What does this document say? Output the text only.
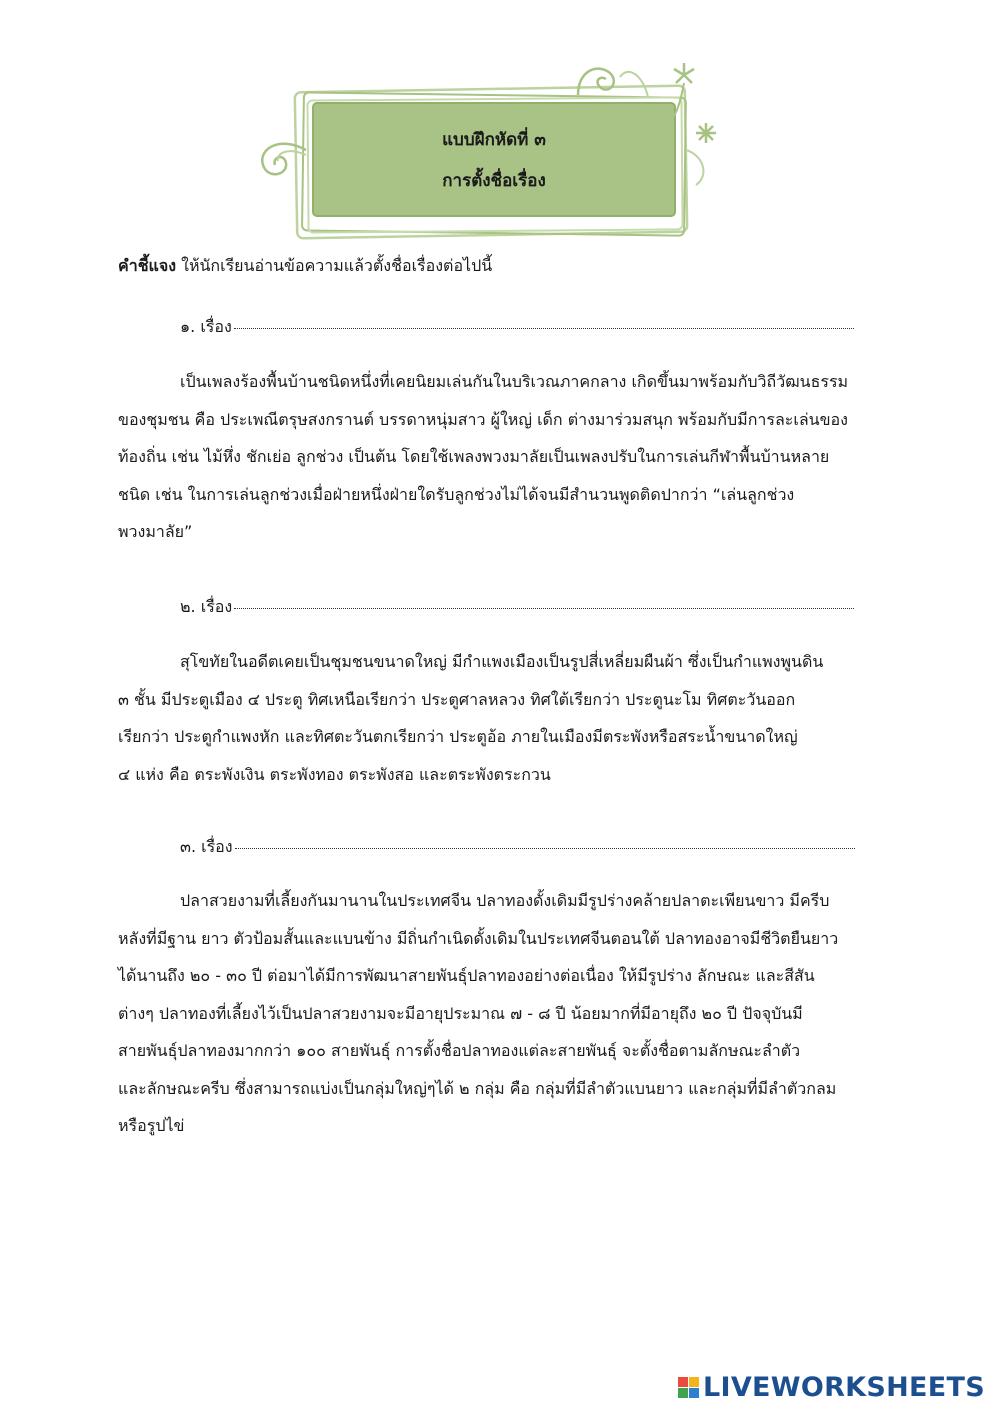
แบบฝึกหัดที่ ๓
การตั้งชื่อเรื่อง
คำชี้แจง ให้นักเรียนอ่านข้อความแล้วตั้งชื่อเรื่องต่อไปนี้
๑. เรื่อง
เป็นเพลงร้องพื้นบ้านชนิดหนึ่งที่เคยนิยมเล่นกันในบริเวณภาคกลาง เกิดขึ้นมาพร้อมกับวิถีวัฒนธรรม
ของชุมชน คือ ประเพณีตรุษสงกรานต์ บรรดาหนุ่มสาว ผู้ใหญ่ เด็ก ต่างมาร่วมสนุก พร้อมกับมีการละเล่นของ
ท้องถิ่น เช่น ไม้หึ่ง ชักเย่อ ลูกช่วง เป็นต้น โดยใช้เพลงพวงมาลัยเป็นเพลงปรับในการเล่นกีฬาพื้นบ้านหลาย
ชนิด เช่น ในการเล่นลูกช่วงเมื่อฝ่ายหนึ่งฝ่ายใดรับลูกช่วงไม่ได้จนมีสำนวนพูดติดปากว่า “เล่นลูกช่วง
พวงมาลัย”
๒. เรื่อง
สุโขทัยในอดีตเคยเป็นชุมชนขนาดใหญ่ มีกำแพงเมืองเป็นรูปสี่เหลี่ยมผืนผ้า ซึ่งเป็นกำแพงพูนดิน
๓ ชั้น มีประตูเมือง ๔ ประตู ทิศเหนือเรียกว่า ประตูศาลหลวง ทิศใต้เรียกว่า ประตูนะโม ทิศตะวันออก
เรียกว่า ประตูกำแพงหัก และทิศตะวันตกเรียกว่า ประตูอ้อ ภายในเมืองมีตระพังหรือสระน้ำขนาดใหญ่
๔ แห่ง คือ ตระพังเงิน ตระพังทอง ตระพังสอ และตระพังตระกวน
๓. เรื่อง
ปลาสวยงามที่เลี้ยงกันมานานในประเทศจีน ปลาทองดั้งเดิมมีรูปร่างคล้ายปลาตะเพียนขาว มีครีบ
หลังที่มีฐาน ยาว ตัวป้อมสั้นและแบนข้าง มีถิ่นกำเนิดดั้งเดิมในประเทศจีนตอนใต้ ปลาทองอาจมีชีวิตยืนยาว
ได้นานถึง ๒๐ - ๓๐ ปี ต่อมาได้มีการพัฒนาสายพันธุ์ปลาทองอย่างต่อเนื่อง ให้มีรูปร่าง ลักษณะ และสีสัน
ต่างๆ ปลาทองที่เลี้ยงไว้เป็นปลาสวยงามจะมีอายุประมาณ ๗ - ๘ ปี น้อยมากที่มีอายุถึง ๒๐ ปี ปัจจุบันมี
สายพันธุ์ปลาทองมากกว่า ๑๐๐ สายพันธุ์ การตั้งชื่อปลาทองแต่ละสายพันธุ์ จะตั้งชื่อตามลักษณะลำตัว
และลักษณะครีบ ซึ่งสามารถแบ่งเป็นกลุ่มใหญ่ๆได้ ๒ กลุ่ม คือ กลุ่มที่มีลำตัวแบนยาว และกลุ่มที่มีลำตัวกลม
หรือรูปไข่
LIVEWORKSHEETS
